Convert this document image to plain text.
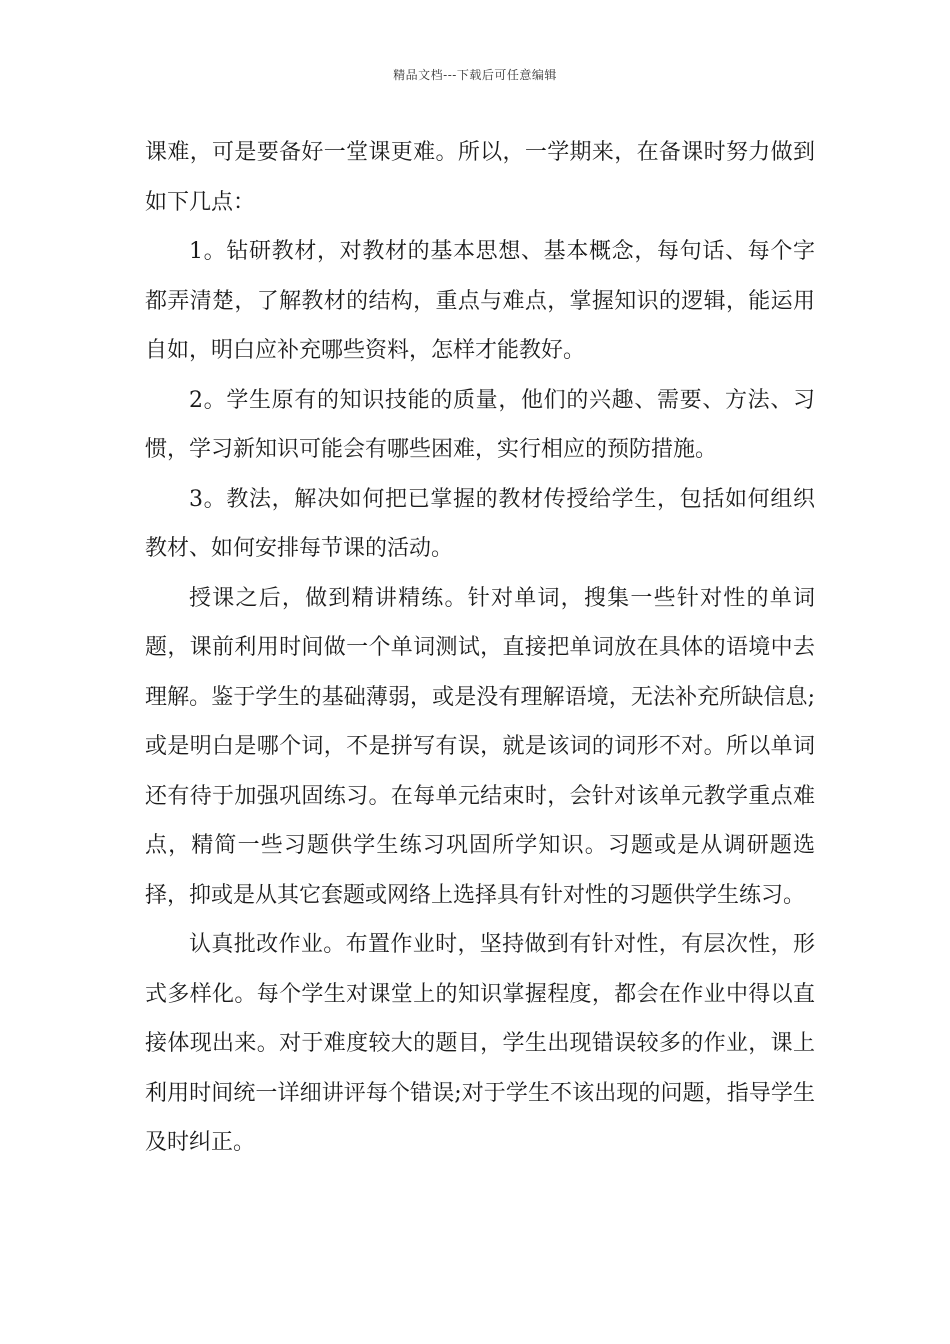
精品文档---下载后可任意编辑

课难，可是要备好一堂课更难。所以，一学期来，在备课时努力做到如下几点：

1。钻研教材，对教材的基本思想、基本概念，每句话、每个字都弄清楚，了解教材的结构，重点与难点，掌握知识的逻辑，能运用自如，明白应补充哪些资料，怎样才能教好。

2。学生原有的知识技能的质量，他们的兴趣、需要、方法、习惯，学习新知识可能会有哪些困难，实行相应的预防措施。

3。教法，解决如何把已掌握的教材传授给学生，包括如何组织教材、如何安排每节课的活动。

授课之后，做到精讲精练。针对单词，搜集一些针对性的单词题，课前利用时间做一个单词测试，直接把单词放在具体的语境中去理解。鉴于学生的基础薄弱，或是没有理解语境，无法补充所缺信息;或是明白是哪个词，不是拼写有误，就是该词的词形不对。所以单词还有待于加强巩固练习。在每单元结束时，会针对该单元教学重点难点，精简一些习题供学生练习巩固所学知识。习题或是从调研题选择，抑或是从其它套题或网络上选择具有针对性的习题供学生练习。

认真批改作业。布置作业时，坚持做到有针对性，有层次性，形式多样化。每个学生对课堂上的知识掌握程度，都会在作业中得以直接体现出来。对于难度较大的题目，学生出现错误较多的作业，课上利用时间统一详细讲评每个错误;对于学生不该出现的问题，指导学生及时纠正。
